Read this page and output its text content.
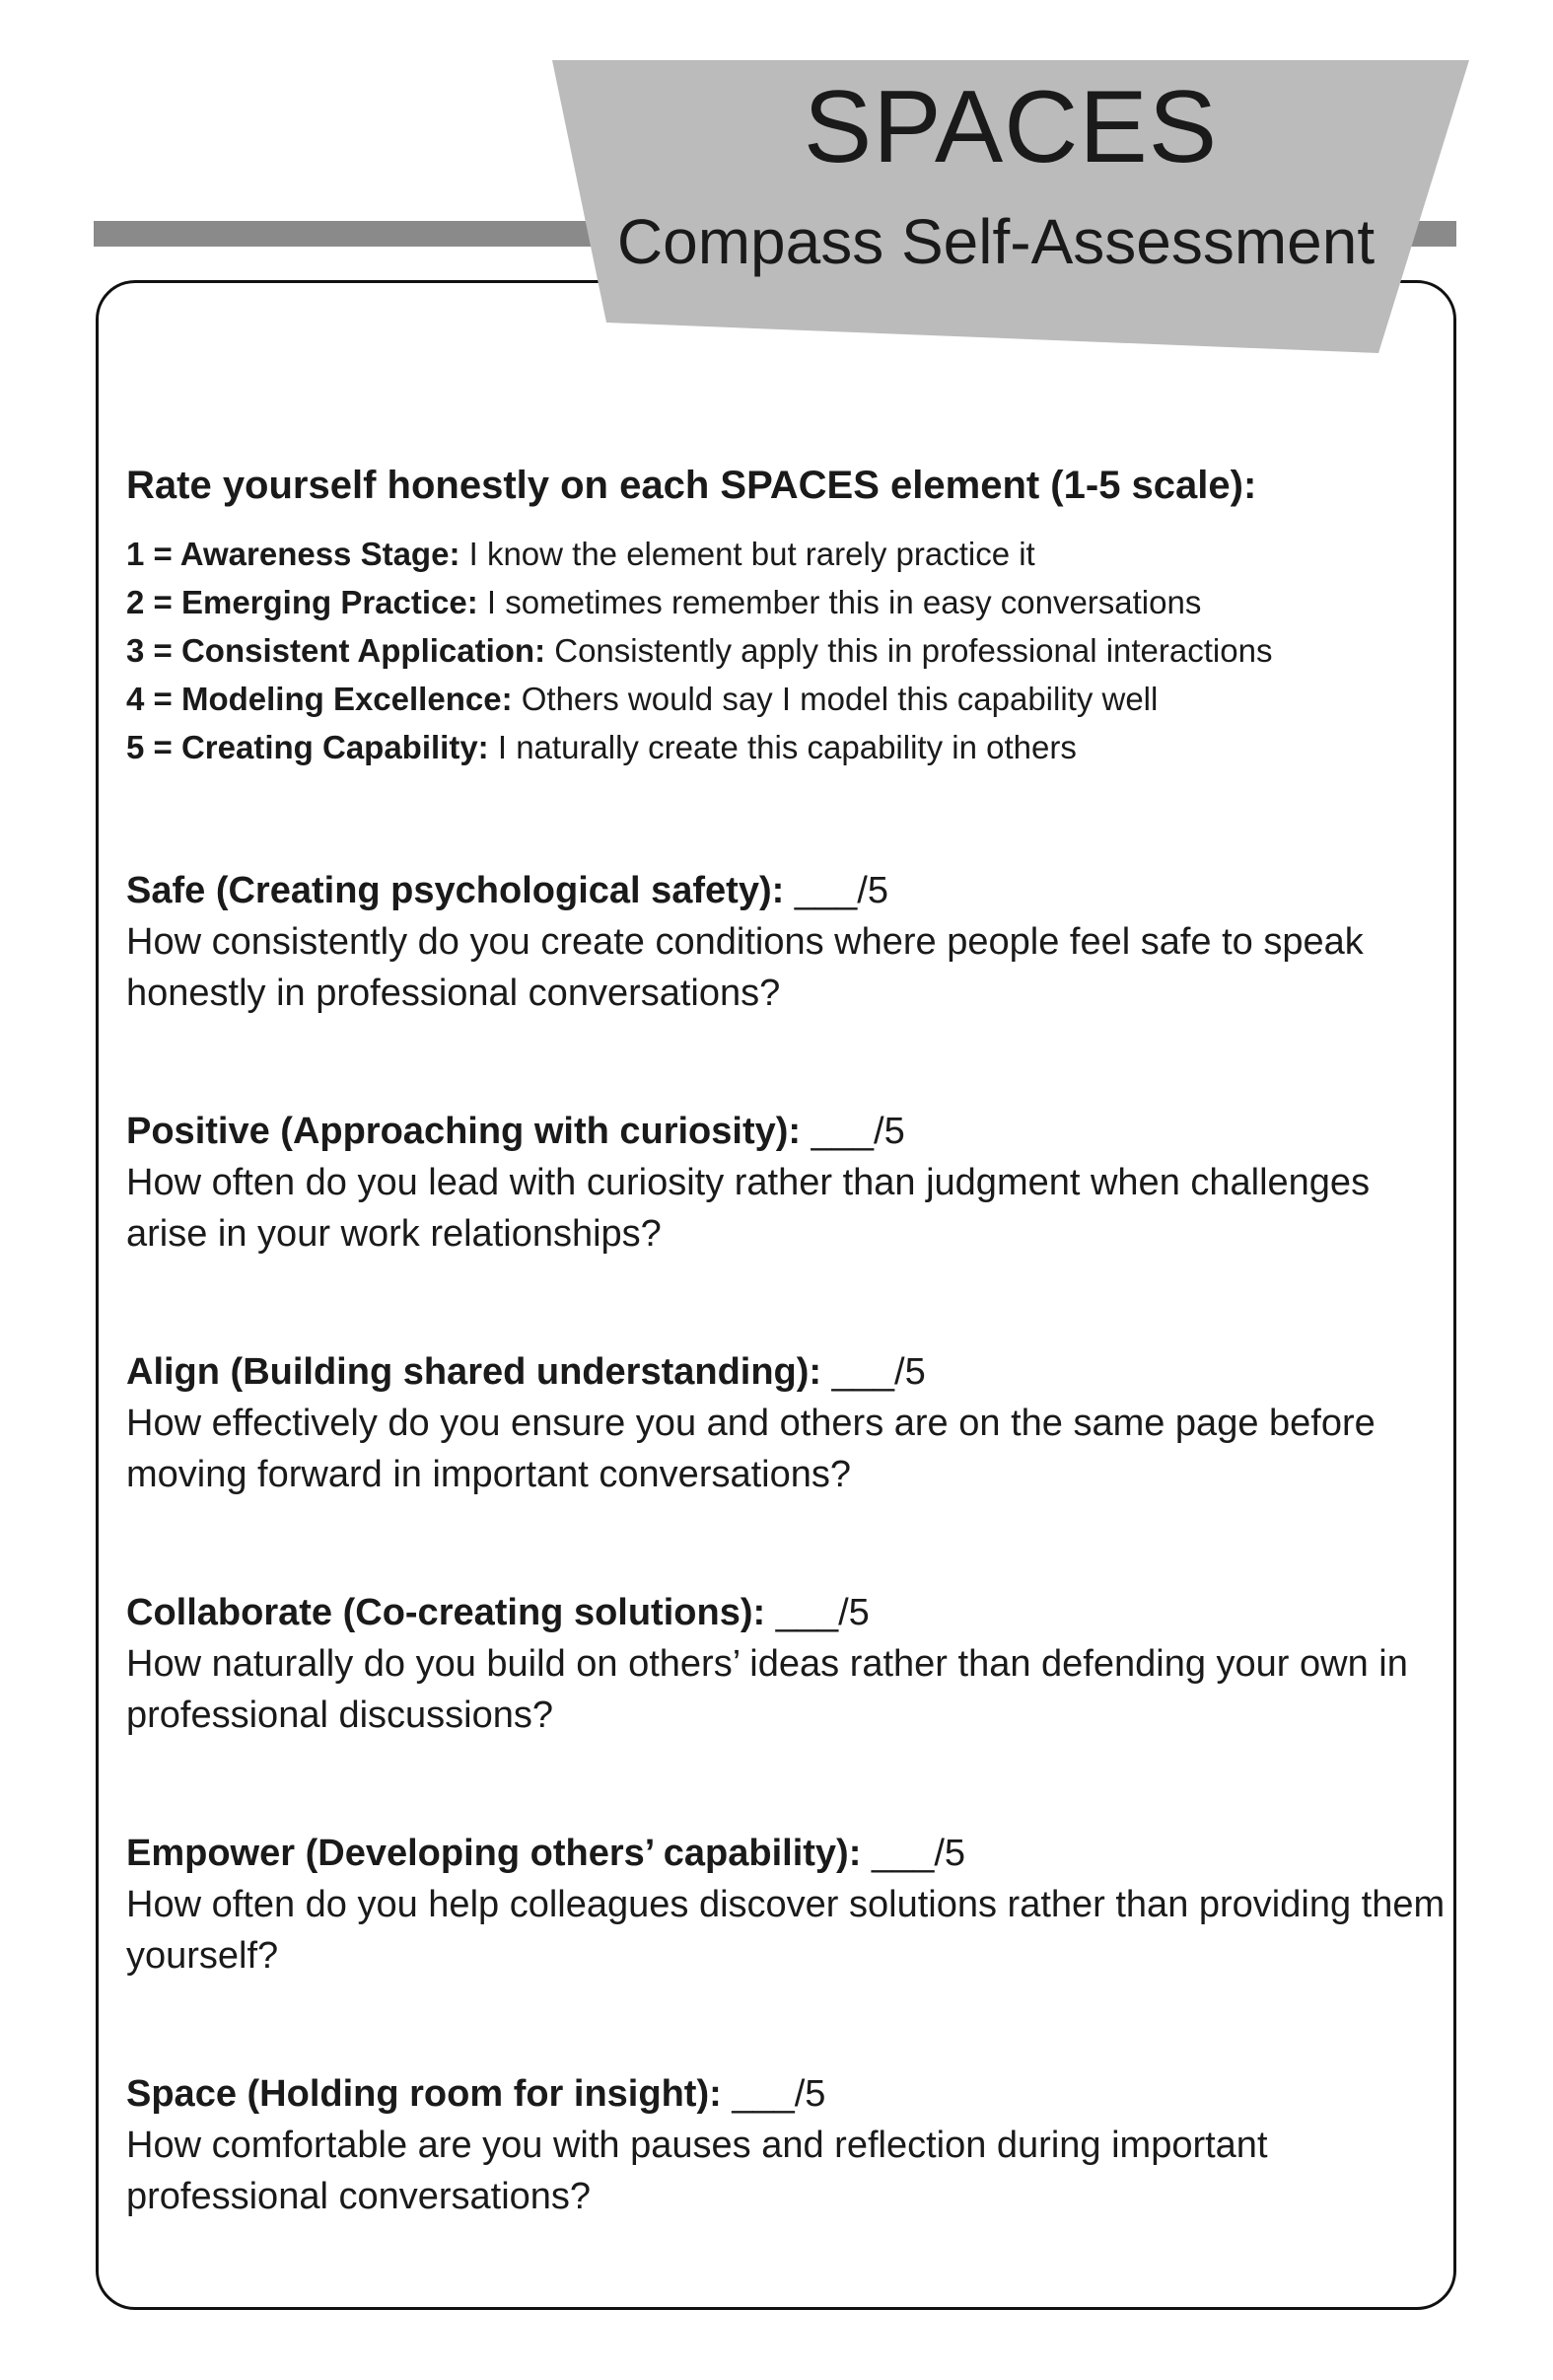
SPACES
Compass Self-Assessment
Rate yourself honestly on each SPACES element (1-5 scale):
1 = Awareness Stage: I know the element but rarely practice it
2 = Emerging Practice: I sometimes remember this in easy conversations
3 = Consistent Application: Consistently apply this in professional interactions
4 = Modeling Excellence: Others would say I model this capability well
5 = Creating Capability: I naturally create this capability in others
Safe (Creating psychological safety): ___/5
How consistently do you create conditions where people feel safe to speak honestly in professional conversations?
Positive (Approaching with curiosity): ___/5
How often do you lead with curiosity rather than judgment when challenges arise in your work relationships?
Align (Building shared understanding): ___/5
How effectively do you ensure you and others are on the same page before moving forward in important conversations?
Collaborate (Co-creating solutions): ___/5
How naturally do you build on others’ ideas rather than defending your own in professional discussions?
Empower (Developing others’ capability): ___/5
How often do you help colleagues discover solutions rather than providing them yourself?
Space (Holding room for insight): ___/5
How comfortable are you with pauses and reflection during important professional conversations?
